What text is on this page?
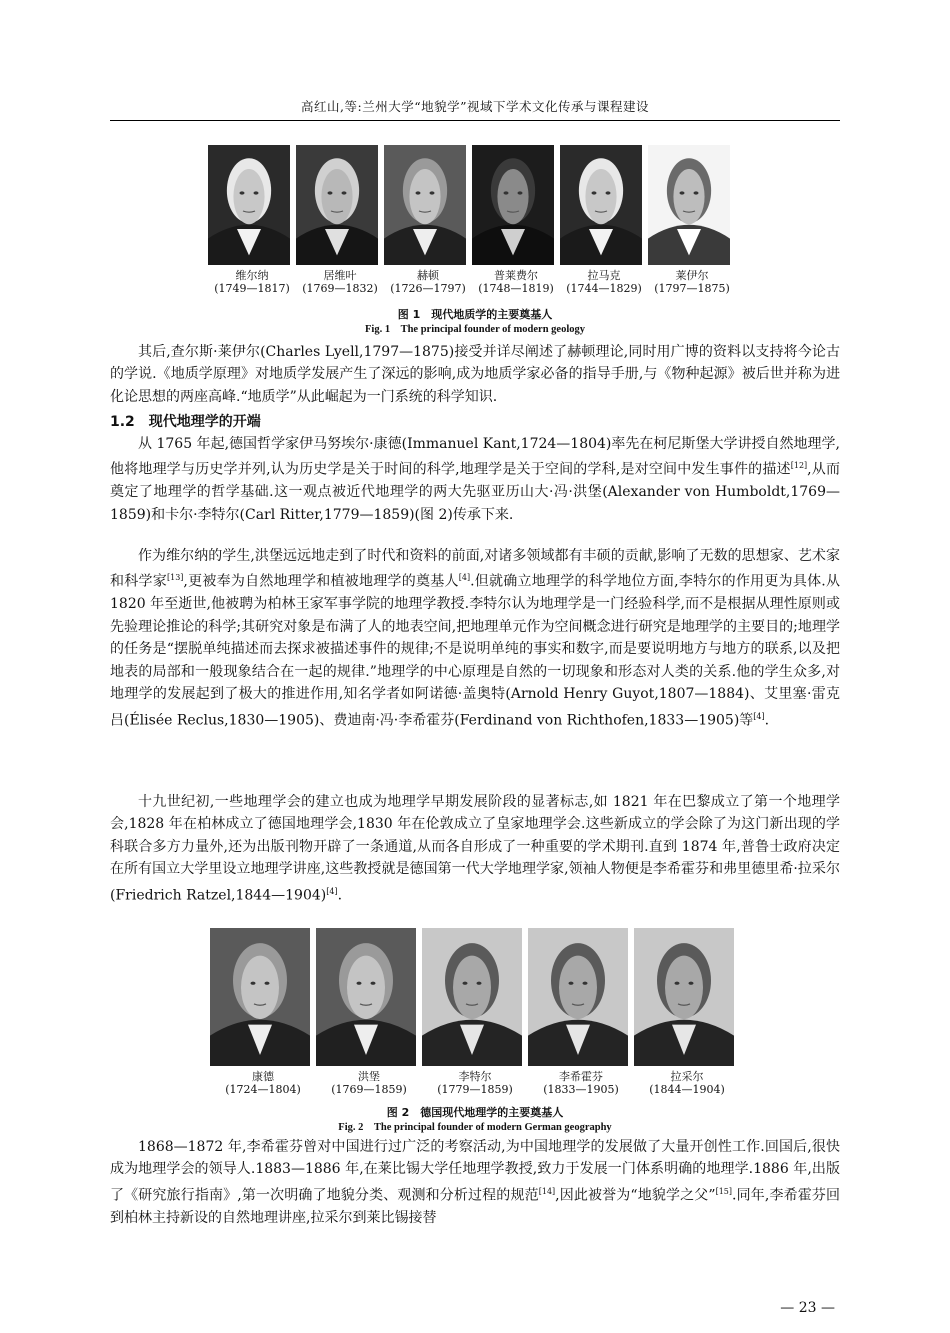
高红山,等:兰州大学“地貌学”视域下学术文化传承与课程建设
维尔纳
(1749—1817)
居维叶
(1769—1832)
赫顿
(1726—1797)
普莱费尔
(1748—1819)
拉马克
(1744—1829)
莱伊尔
(1797—1875)
图 1　现代地质学的主要奠基人
Fig. 1　The principal founder of modern geology

其后,查尔斯·莱伊尔(Charles Lyell,1797—1875)接受并详尽阐述了赫顿理论,同时用广博的资料以支持将今论古的学说.《地质学原理》对地质学发展产生了深远的影响,成为地质学家必备的指导手册,与《物种起源》被后世并称为进化论思想的两座高峰.“地质学”从此崛起为一门系统的科学知识.

1.2　现代地理学的开端

从 1765 年起,德国哲学家伊马努埃尔·康德(Immanuel Kant,1724—1804)率先在柯尼斯堡大学讲授自然地理学,他将地理学与历史学并列,认为历史学是关于时间的科学,地理学是关于空间的学科,是对空间中发生事件的描述[12],从而奠定了地理学的哲学基础.这一观点被近代地理学的两大先驱亚历山大·冯·洪堡(Alexander von Humboldt,1769—1859)和卡尔·李特尔(Carl Ritter,1779—1859)(图 2)传承下来.

作为维尔纳的学生,洪堡远远地走到了时代和资料的前面,对诸多领域都有丰硕的贡献,影响了无数的思想家、艺术家和科学家[13],更被奉为自然地理学和植被地理学的奠基人[4].但就确立地理学的科学地位方面,李特尔的作用更为具体.从 1820 年至逝世,他被聘为柏林王家军事学院的地理学教授.李特尔认为地理学是一门经验科学,而不是根据从理性原则或先验理论推论的科学;其研究对象是布满了人的地表空间,把地理单元作为空间概念进行研究是地理学的主要目的;地理学的任务是“摆脱单纯描述而去探求被描述事件的规律;不是说明单纯的事实和数字,而是要说明地方与地方的联系,以及把地表的局部和一般现象结合在一起的规律.”地理学的中心原理是自然的一切现象和形态对人类的关系.他的学生众多,对地理学的发展起到了极大的推进作用,知名学者如阿诺德·盖奥特(Arnold Henry Guyot,1807—1884)、艾里塞·雷克吕(Élisée Reclus,1830—1905)、费迪南·冯·李希霍芬(Ferdinand von Richthofen,1833—1905)等[4].

十九世纪初,一些地理学会的建立也成为地理学早期发展阶段的显著标志,如 1821 年在巴黎成立了第一个地理学会,1828 年在柏林成立了德国地理学会,1830 年在伦敦成立了皇家地理学会.这些新成立的学会除了为这门新出现的学科联合多方力量外,还为出版刊物开辟了一条通道,从而各自形成了一种重要的学术期刊.直到 1874 年,普鲁士政府决定在所有国立大学里设立地理学讲座,这些教授就是德国第一代大学地理学家,领袖人物便是李希霍芬和弗里德里希·拉采尔(Friedrich Ratzel,1844—1904)[4].

康德
(1724—1804)
洪堡
(1769—1859)
李特尔
(1779—1859)
李希霍芬
(1833—1905)
拉采尔
(1844—1904)
图 2　德国现代地理学的主要奠基人
Fig. 2　The principal founder of modern German geography

1868—1872 年,李希霍芬曾对中国进行过广泛的考察活动,为中国地理学的发展做了大量开创性工作.回国后,很快成为地理学会的领导人.1883—1886 年,在莱比锡大学任地理学教授,致力于发展一门体系明确的地理学.1886 年,出版了《研究旅行指南》,第一次明确了地貌分类、观测和分析过程的规范[14],因此被誉为“地貌学之父”[15].同年,李希霍芬回到柏林主持新设的自然地理讲座,拉采尔到莱比锡接替

— 23 —
